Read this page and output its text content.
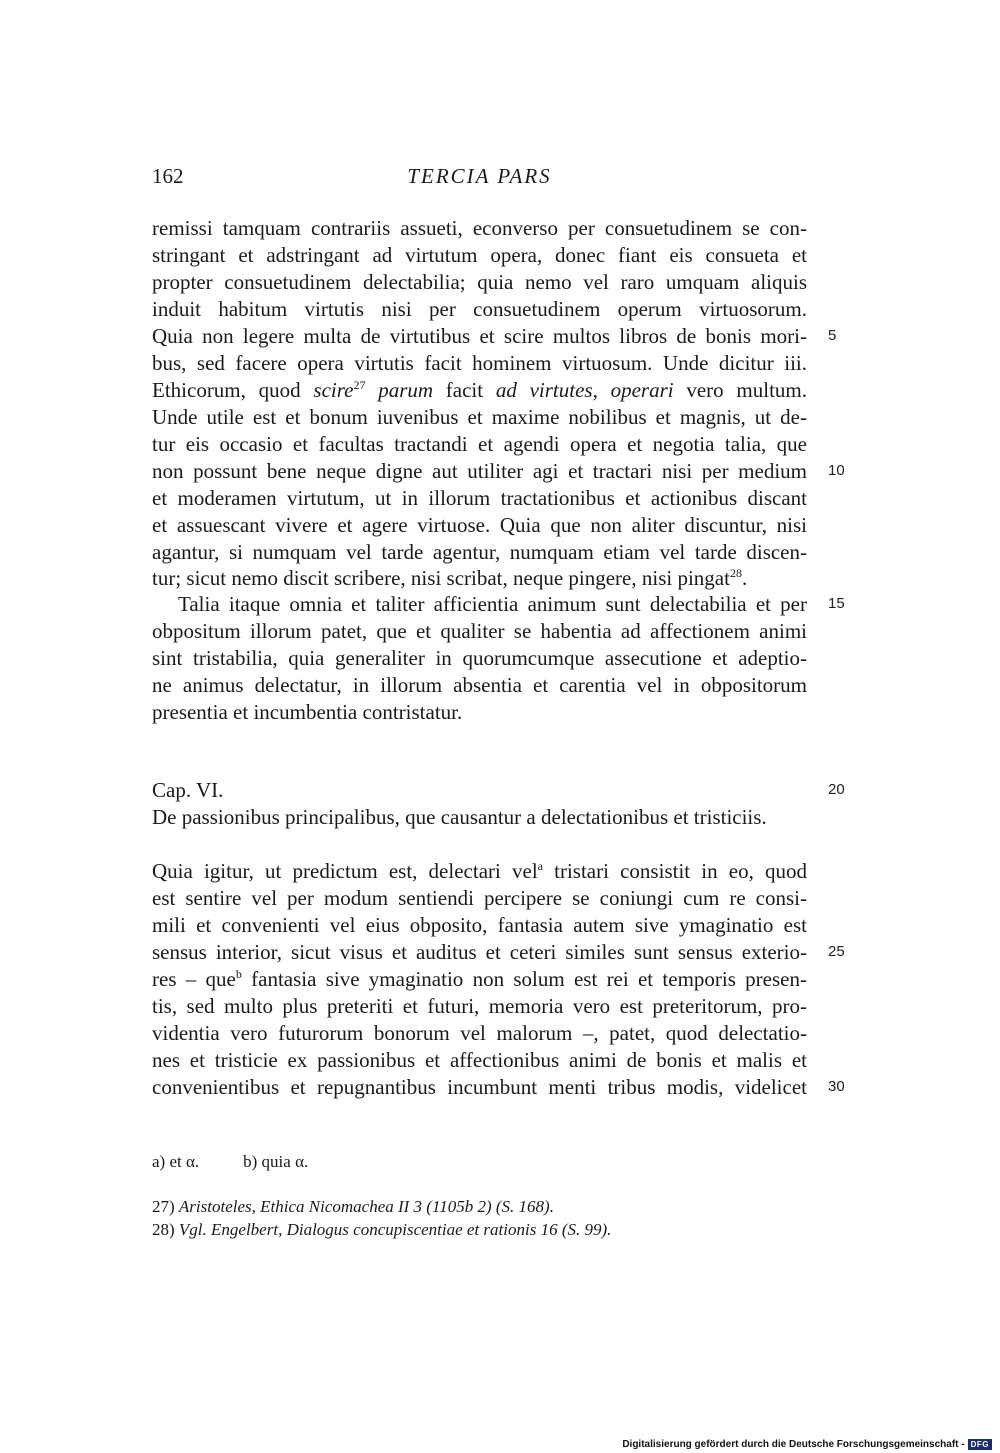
162	TERCIA PARS
remissi tamquam contrariis assueti, econverso per consuetudinem se con-
stringant et adstringant ad virtutum opera, donec fiant eis consueta et
propter consuetudinem delectabilia; quia nemo vel raro umquam aliquis
induit habitum virtutis nisi per consuetudinem operum virtuosorum.
Quia non legere multa de virtutibus et scire multos libros de bonis mori-
bus, sed facere opera virtutis facit hominem virtuosum. Unde dicitur iii.
Ethicorum, quod scire$^{27}$ parum facit ad virtutes, operari vero multum.
Unde utile est et bonum iuvenibus et maxime nobilibus et magnis, ut de-
tur eis occasio et facultas tractandi et agendi opera et negotia talia, que
non possunt bene neque digne aut utiliter agi et tractari nisi per medium
et moderamen virtutum, ut in illorum tractationibus et actionibus discant
et assuescant vivere et agere virtuose. Quia que non aliter discuntur, nisi
agantur, si numquam vel tarde agentur, numquam etiam vel tarde discen-
tur; sicut nemo discit scribere, nisi scribat, neque pingere, nisi pingat$^{28}$.
Talia itaque omnia et taliter afficientia animum sunt delectabilia et per
obpositum illorum patet, que et qualiter se habentia ad affectionem animi
sint tristabilia, quia generaliter in quorumcumque assecutione et adeptio-
ne animus delectatur, in illorum absentia et carentia vel in obpositorum
presentia et incumbentia contristatur.
Cap. VI.
De passionibus principalibus, que causantur a delectationibus et tristiciis.
Quia igitur, ut predictum est, delectari vel$^a$ tristari consistit in eo, quod
est sentire vel per modum sentiendi percipere se coniungi cum re consi-
mili et convenienti vel eius obposito, fantasia autem sive ymaginatio est
sensus interior, sicut visus et auditus et ceteri similes sunt sensus exterio-
res – que$^b$ fantasia sive ymaginatio non solum est rei et temporis presen-
tis, sed multo plus preteriti et futuri, memoria vero est preteritorum, pro-
videntia vero futurorum bonorum vel malorum –, patet, quod delectatio-
nes et tristicie ex passionibus et affectionibus animi de bonis et malis et
convenientibus et repugnantibus incumbunt menti tribus modis, videlicet
5
10
15
20
25
30
a) et α.	b) quia α.
27) Aristoteles, Ethica Nicomachea II 3 (1105b 2) (S. 168).
28) Vgl. Engelbert, Dialogus concupiscentiae et rationis 16 (S. 99).
Digitalisierung gefördert durch die Deutsche Forschungsgemeinschaft - DFG
